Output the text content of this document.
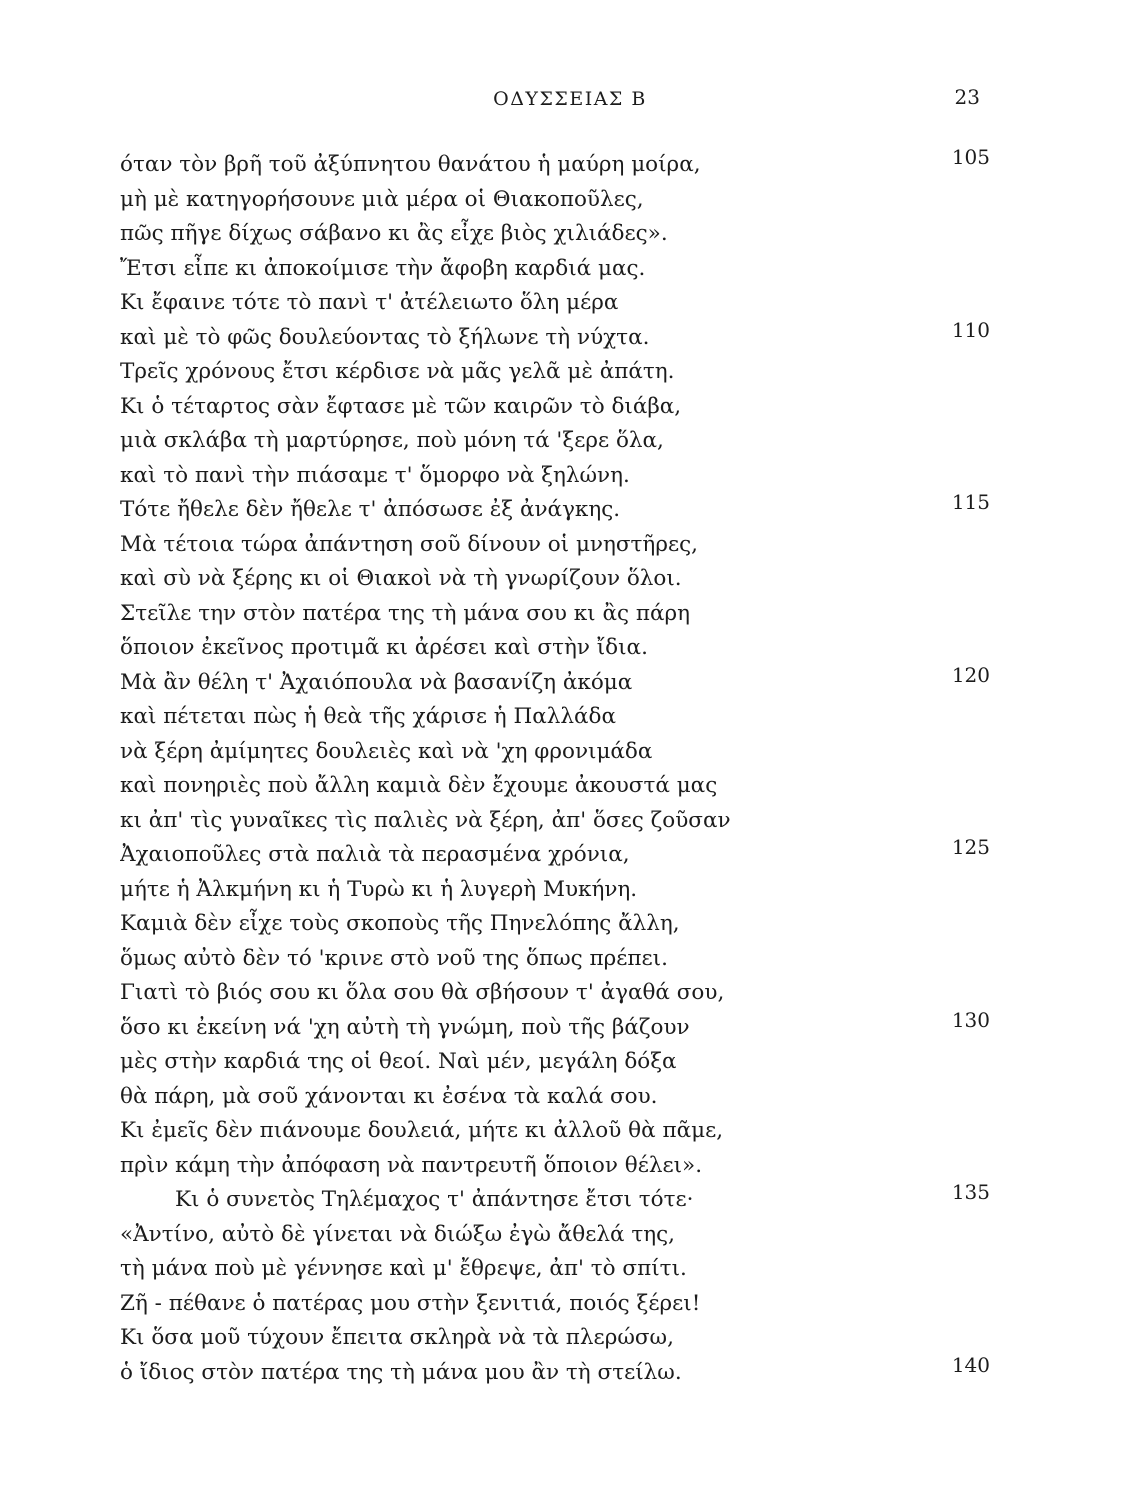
ΟΔΥΣΣΕΙΑΣ Β	23
όταν τὸν βρῆ τοῦ ἀξύπνητου θανάτου ἡ μαύρη μοίρα,	105
μὴ μὲ κατηγορήσουνε μιὰ μέρα οἱ Θιακοποῦλες,
πῶς πῆγε δίχως σάβανο κι ἂς εἶχε βιὸς χιλιάδες».
Ἔτσι εἶπε κι ἀποκοίμισε τὴν ἄφοβη καρδιά μας.
Κι ἔφαινε τότε τὸ πανὶ τ' ἀτέλειωτο ὅλη μέρα
καὶ μὲ τὸ φῶς δουλεύοντας τὸ ξήλωνε τὴ νύχτα.	110
Τρεῖς χρόνους ἔτσι κέρδισε νὰ μᾶς γελᾶ μὲ ἀπάτη.
Κι ὁ τέταρτος σὰν ἔφτασε μὲ τῶν καιρῶν τὸ διάβα,
μιὰ σκλάβα τὴ μαρτύρησε, ποὺ μόνη τά 'ξερε ὅλα,
καὶ τὸ πανὶ τὴν πιάσαμε τ' ὅμορφο νὰ ξηλώνη.
Τότε ἤθελε δὲν ἤθελε τ' ἀπόσωσε ἐξ ἀνάγκης.	115
Μὰ τέτοια τώρα ἀπάντηση σοῦ δίνουν οἱ μνηστῆρες,
καὶ σὺ νὰ ξέρης κι οἱ Θιακοὶ νὰ τὴ γνωρίζουν ὅλοι.
Στεῖλε την στὸν πατέρα της τὴ μάνα σου κι ἂς πάρη
ὅποιον ἐκεῖνος προτιμᾶ κι ἀρέσει καὶ στὴν ἴδια.
Μὰ ἂν θέλη τ' Ἀχαιόπουλα νὰ βασανίζη ἀκόμα	120
καὶ πέτεται πὼς ἡ θεὰ τῆς χάρισε ἡ Παλλάδα
νὰ ξέρη ἀμίμητες δουλειὲς καὶ νὰ 'χη φρονιμάδα
καὶ πονηριὲς ποὺ ἄλλη καμιὰ δὲν ἔχουμε ἀκουστά μας
κι ἀπ' τὶς γυναῖκες τὶς παλιὲς νὰ ξέρη, ἀπ' ὅσες ζοῦσαν
Ἀχαιοποῦλες στὰ παλιὰ τὰ περασμένα χρόνια,	125
μήτε ἡ Ἀλκμήνη κι ἡ Τυρὼ κι ἡ λυγερὴ Μυκήνη.
Καμιὰ δὲν εἶχε τοὺς σκοποὺς τῆς Πηνελόπης ἄλλη,
ὅμως αὐτὸ δὲν τό 'κρινε στὸ νοῦ της ὅπως πρέπει.
Γιατὶ τὸ βιός σου κι ὅλα σου θὰ σβήσουν τ' ἀγαθά σου,
ὅσο κι ἐκείνη νά 'χη αὐτὴ τὴ γνώμη, ποὺ τῆς βάζουν	130
μὲς στὴν καρδιά της οἱ θεοί. Ναὶ μέν, μεγάλη δόξα
θὰ πάρη, μὰ σοῦ χάνονται κι ἐσένα τὰ καλά σου.
Κι ἐμεῖς δὲν πιάνουμε δουλειά, μήτε κι ἀλλοῦ θὰ πᾶμε,
πρὶν κάμη τὴν ἀπόφαση νὰ παντρευτῆ ὅποιον θέλει».
Κι ὁ συνετὸς Τηλέμαχος τ' ἀπάντησε ἔτσι τότε·	135
«Ἀντίνο, αὐτὸ δὲ γίνεται νὰ διώξω ἐγὼ ἄθελά της,
τὴ μάνα ποὺ μὲ γέννησε καὶ μ' ἔθρεψε, ἀπ' τὸ σπίτι.
Ζῆ - πέθανε ὁ πατέρας μου στὴν ξενιτιά, ποιός ξέρει!
Κι ὅσα μοῦ τύχουν ἔπειτα σκληρὰ νὰ τὰ πλερώσω,
ὁ ἴδιος στὸν πατέρα της τὴ μάνα μου ἂν τὴ στείλω.	140
